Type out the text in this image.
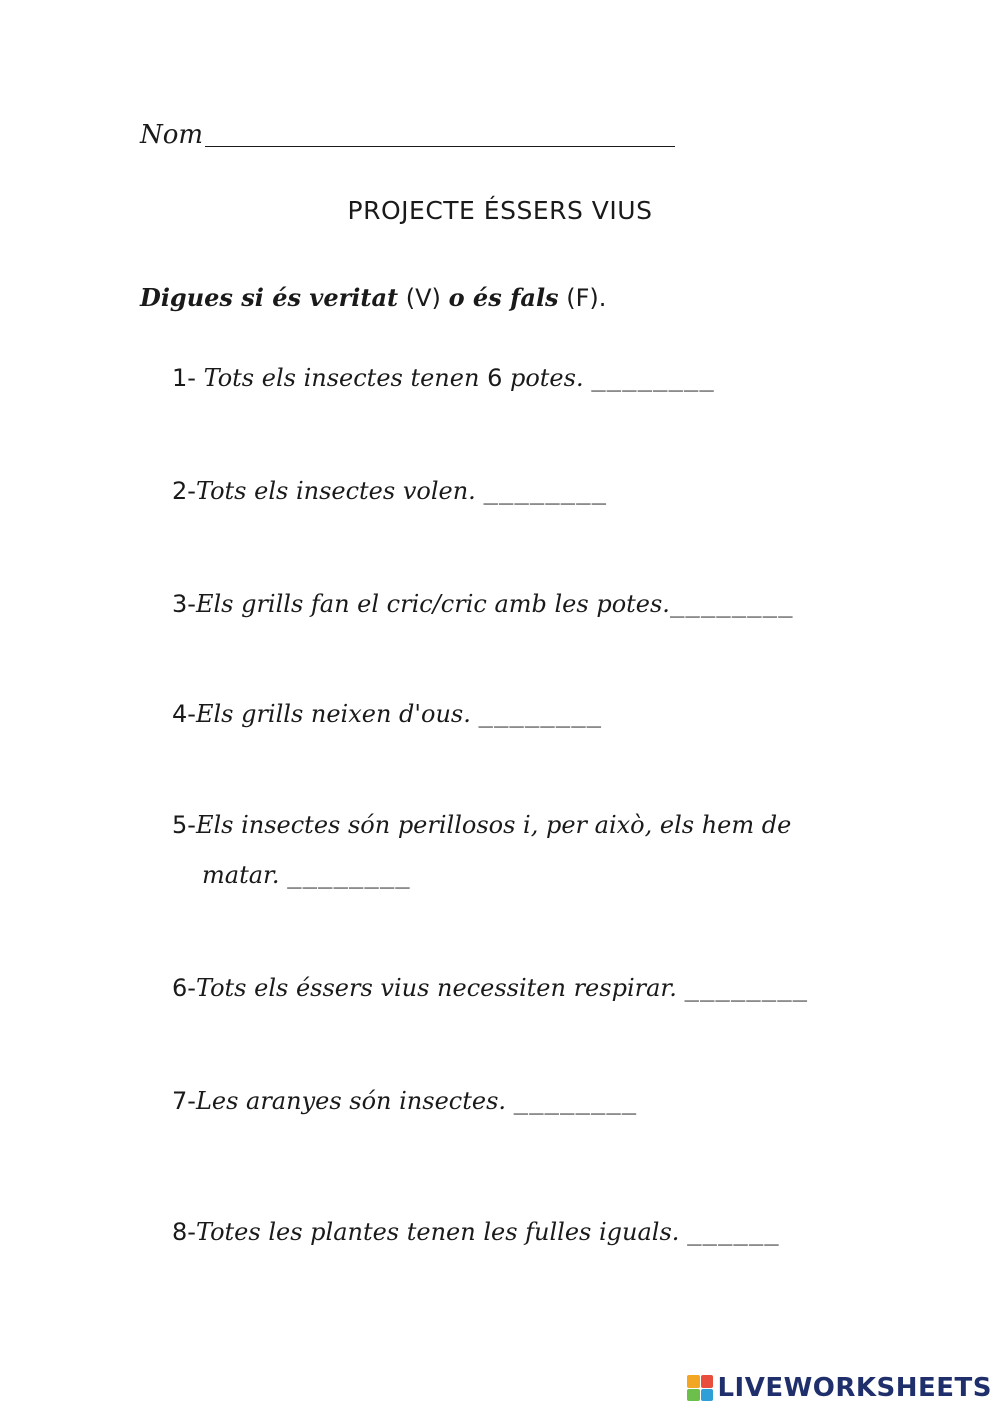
Nom
PROJECTE ÉSSERS VIUS
Digues si és veritat (V) o és fals (F).
1- Tots els insectes tenen 6 potes. ________
2-Tots els insectes volen. ________
3-Els grills fan el cric/cric amb les potes.________
4-Els grills neixen d'ous. ________
5-Els insectes són perillosos i, per això, els hem de
matar. ________
6-Tots els éssers vius necessiten respirar. ________
7-Les aranyes són insectes. ________
8-Totes les plantes tenen les fulles iguals. ______
LIVEWORKSHEETS
